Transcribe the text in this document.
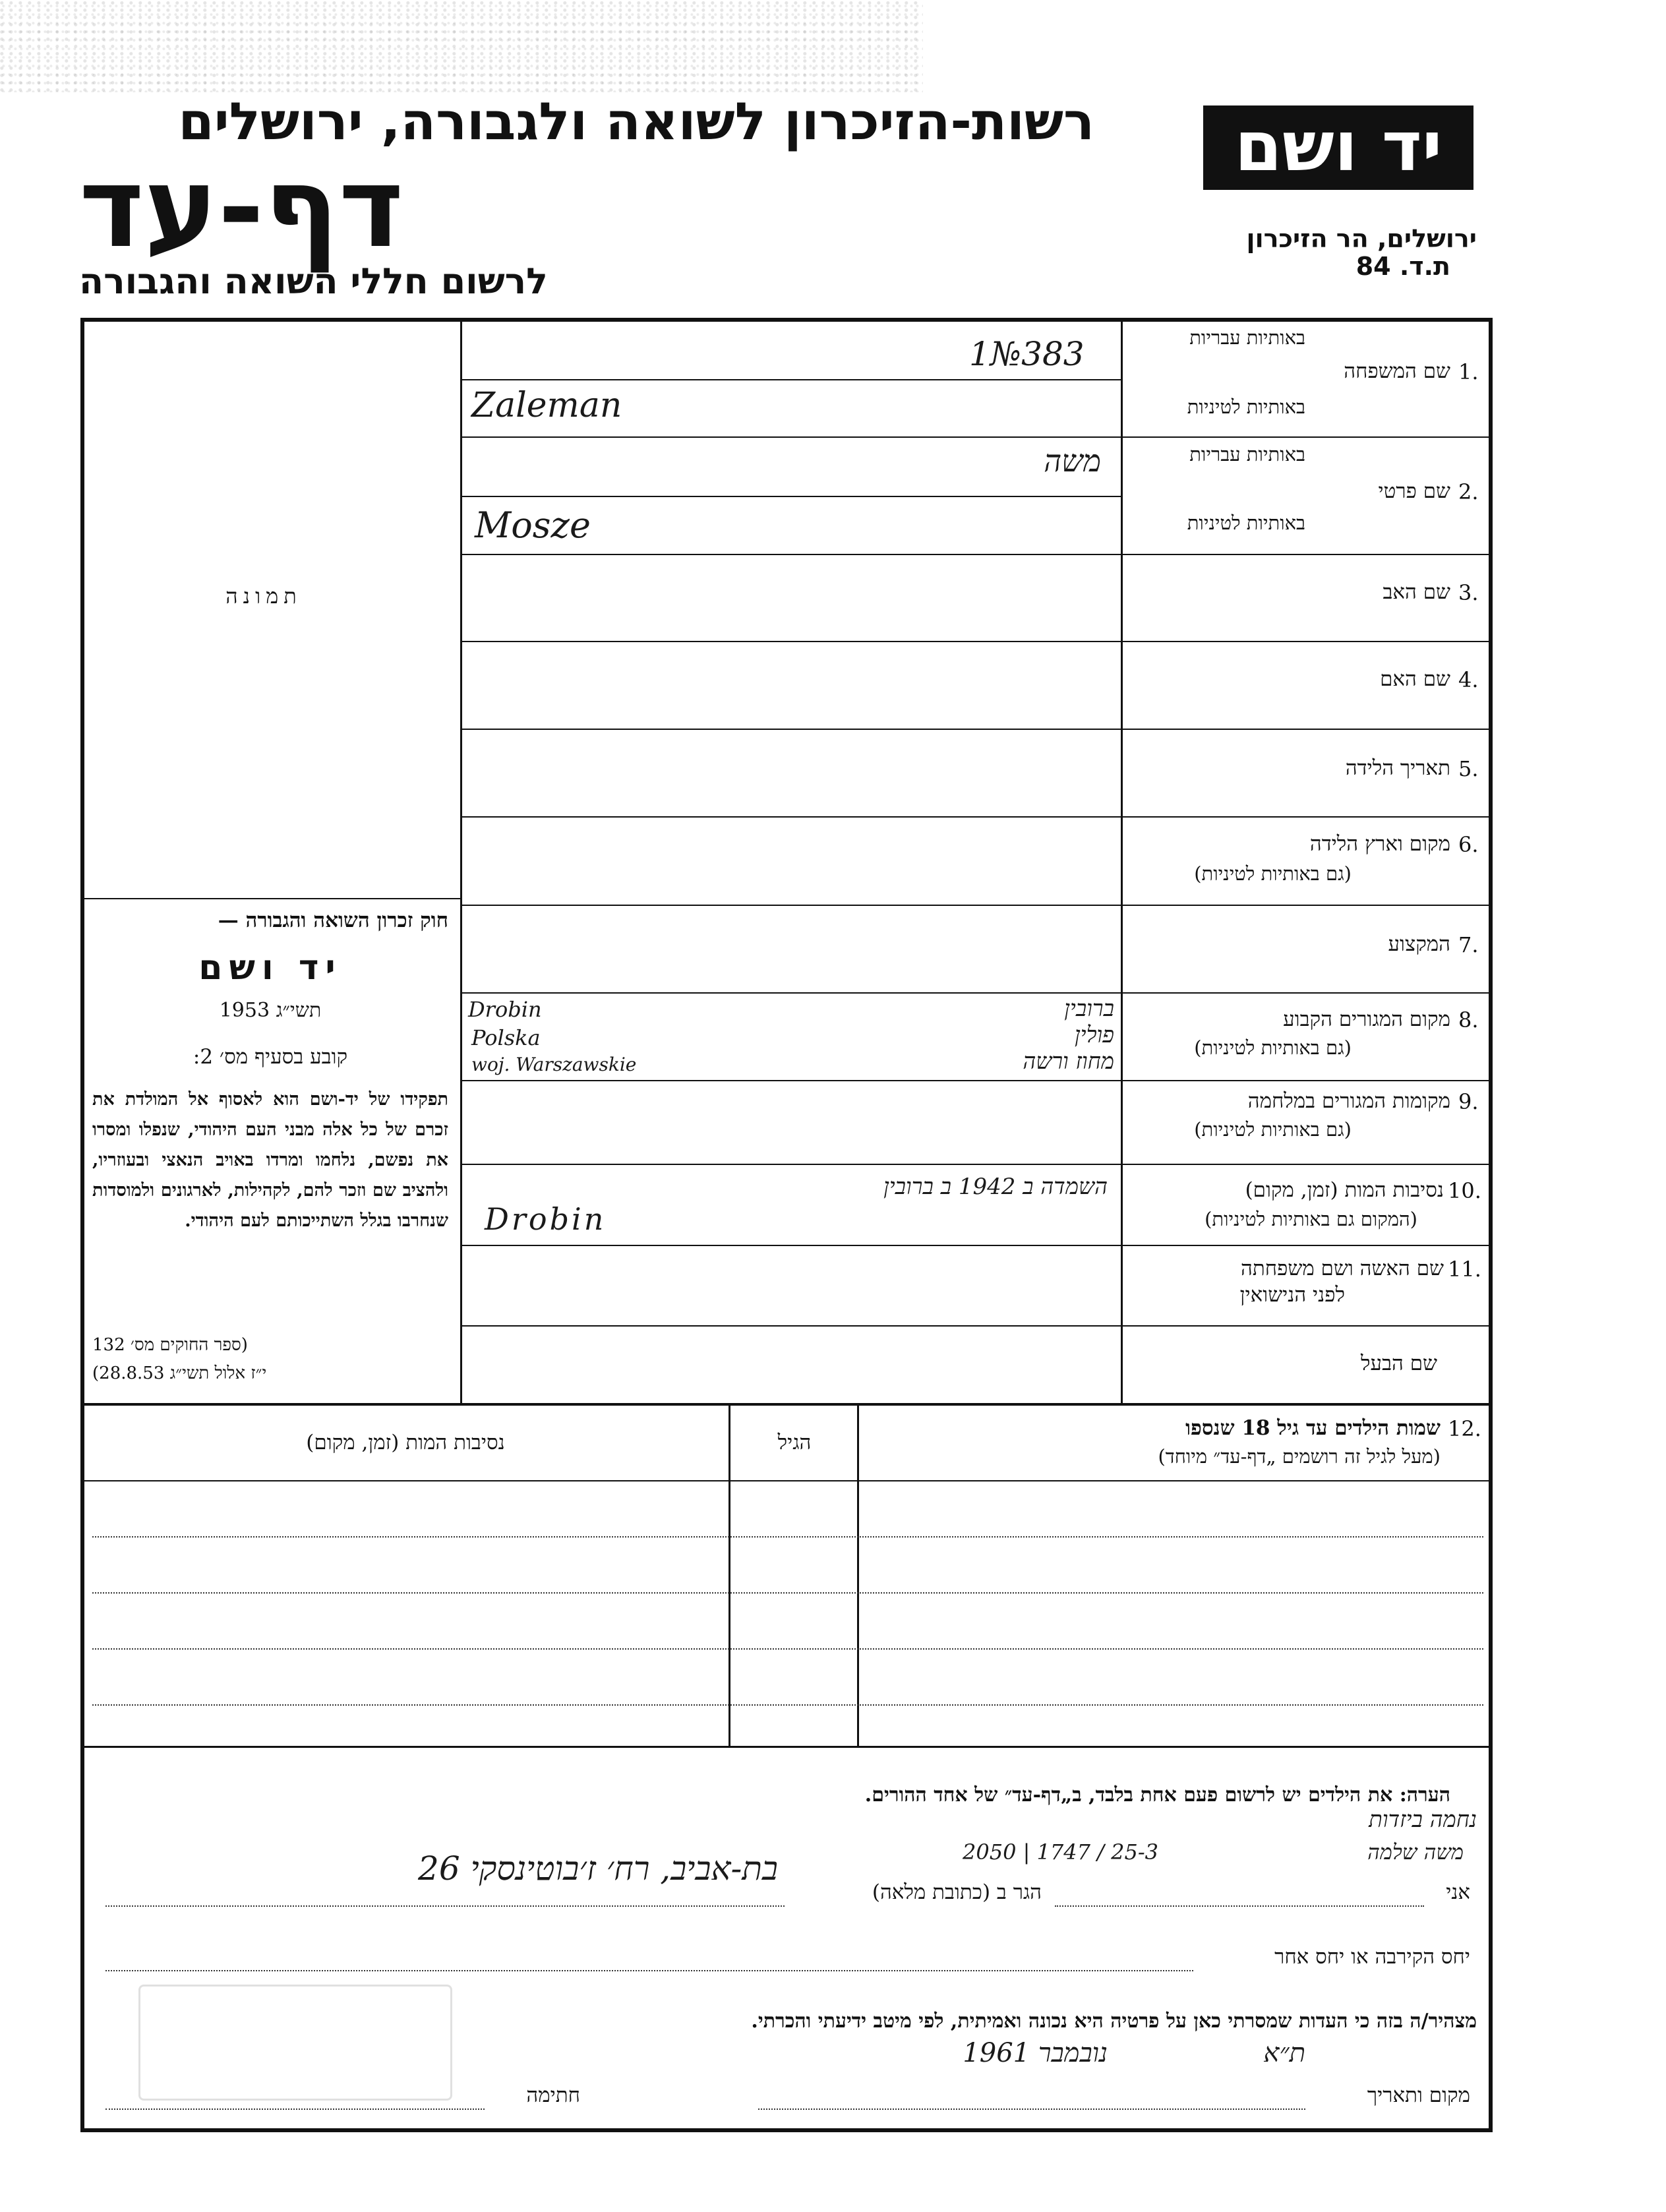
רשות-הזיכרון לשואה ולגבורה, ירושלים
דף-עד
לרשום חללי השואה והגבורה
יד ושם
ירושלים, הר הזיכרון
ת.ד. 84
תמונה
חוק זכרון השואה והגבורה —
יד ושם
תשי״ג 1953
קובע בסעיף מס׳ 2:
תפקידו של יד-ושם הוא לאסוף אל המולדת את זכרם של כל אלה מבני העם היהודי, שנפלו ומסרו את נפשם, נלחמו ומרדו באויב הנאצי ובעוזריו, ולהציב שם וזכר להם, לקהילות, לארגונים ולמוסדות שנחרבו בגלל השתייכותם לעם היהודי.
(ספר החוקים מס׳ 132
י״ז אלול תשי״ג 28.8.53)
1.
שם המשפחה
באותיות עבריות
באותיות לטיניות
2.
שם פרטי
באותיות עבריות
באותיות לטיניות
3.
שם האב
4.
שם האם
5.
תאריך הלידה
6.
מקום וארץ הלידה
(גם באותיות לטיניות)
7.
המקצוע
8.
מקום המגורים הקבוע
(גם באותיות לטיניות)
9.
מקומות המגורים במלחמה
(גם באותיות לטיניות)
10.
נסיבות המות (זמן, מקום)
(המקום גם באותיות לטיניות)
11.
שם האשה ושם משפחתה
לפני הנישואין
שם הבעל
1№383
Zaleman
משה
Mosze
ברובין
פולין
מחוז ורשה
Drobin
Polska
woj. Warszawskie
השמדה ב 1942 ב ברובין
Drobin
12.
שמות הילדים עד גיל 18 שנספו
(מעל לגיל זה רושמים „דף-עד״ מיוחד)
הגיל
נסיבות המות (זמן, מקום)
הערה: את הילדים יש לרשום פעם אחת בלבד, ב„דף-עד״ של אחד ההורים.
נחמה ביזדות
2050 | 1747 / 25-3	משה שלמה
אני
הגר ב (כתובת מלאה)
בת-אביב, רח׳ ז׳בוטינסקי 26
יחס הקירבה או יחס אחר
מצהיר/ה בזה כי העדות שמסרתי כאן על פרטיה היא נכונה ואמיתית, לפי מיטב ידיעתי והכרתי.
מקום ותאריך
ת״א
נובמבר 1961
חתימה
